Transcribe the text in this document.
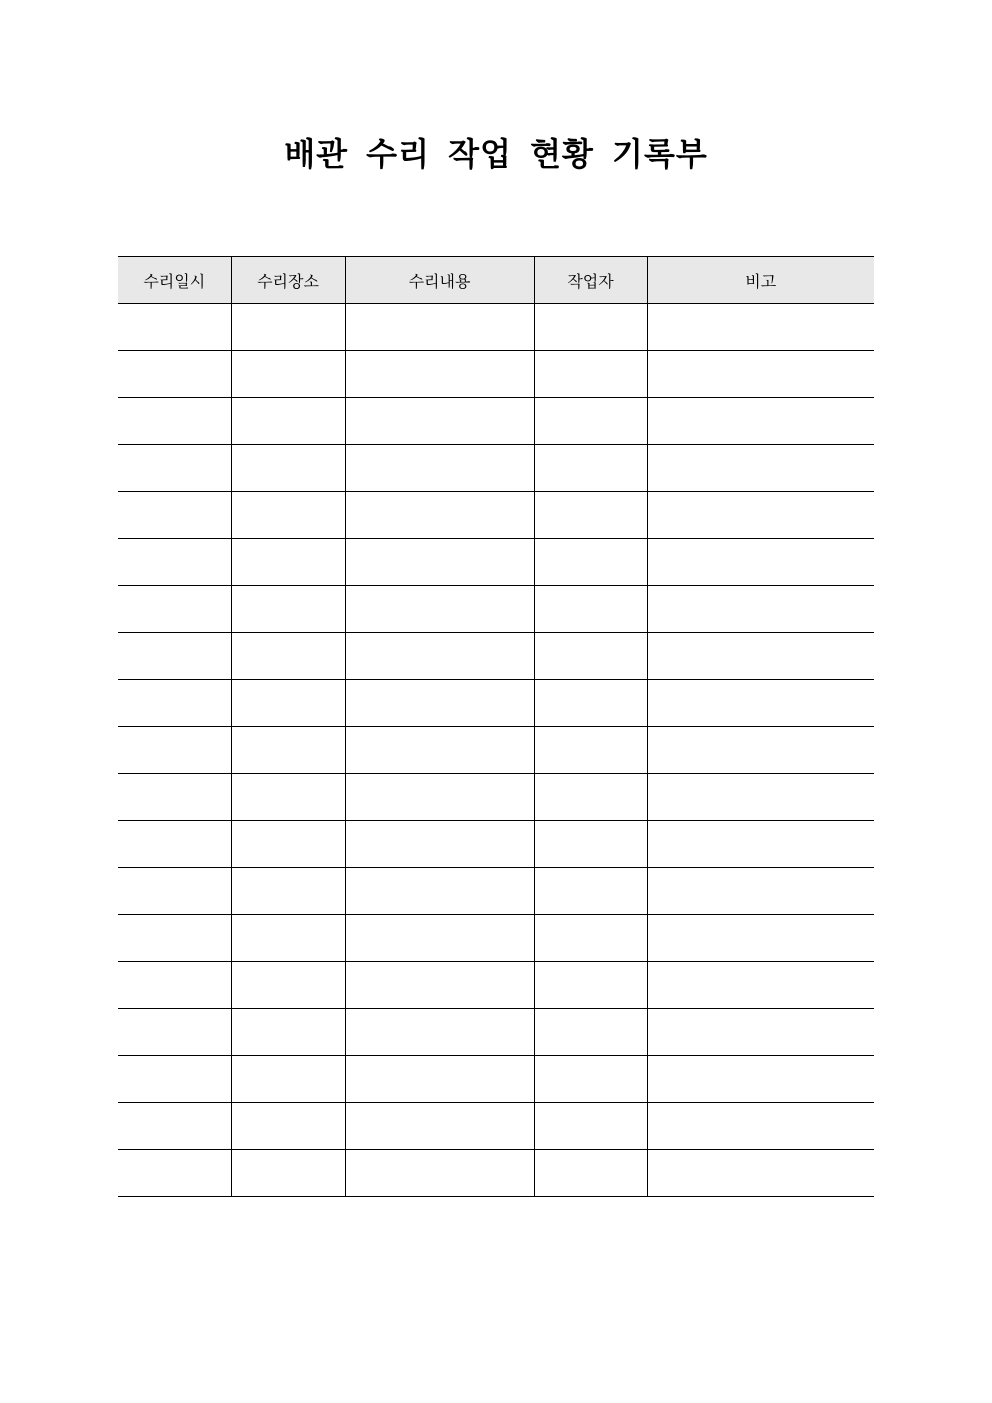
배관 수리 작업 현황 기록부
수리일시	수리장소	수리내용	작업자	비고
